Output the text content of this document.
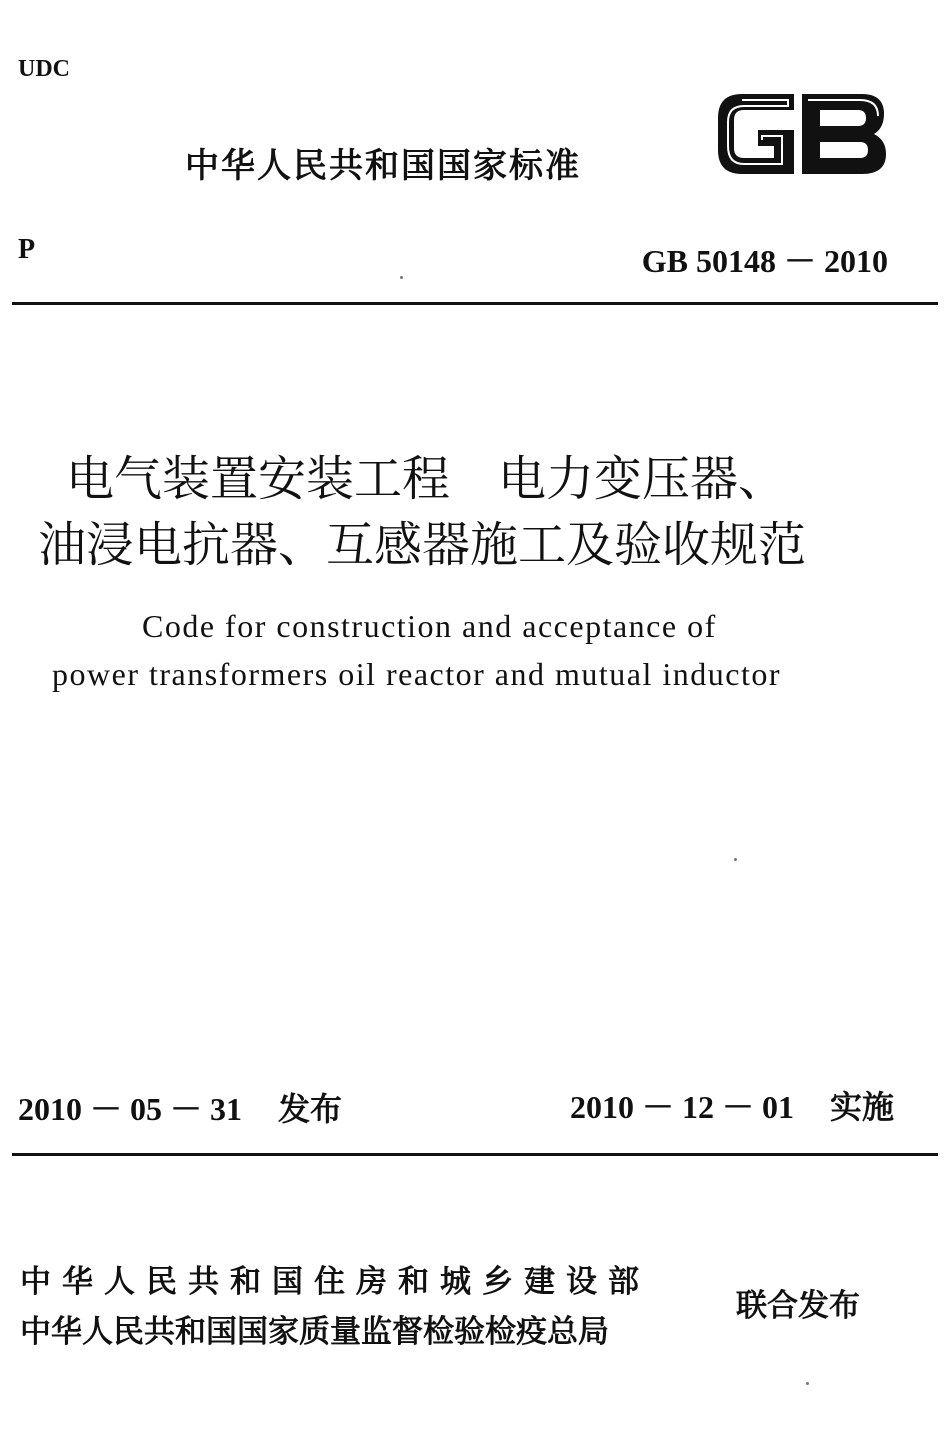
UDC
中华人民共和国国家标准
P	GB 50148 － 2010
电气装置安装工程　电力变压器、
油浸电抗器、互感器施工及验收规范
Code for construction and acceptance of
power transformers oil reactor and mutual inductor
2010 － 05 － 31 发布	2010 － 12 － 01 实施
中华人民共和国住房和城乡建设部
中华人民共和国国家质量监督检验检疫总局
联合发布
